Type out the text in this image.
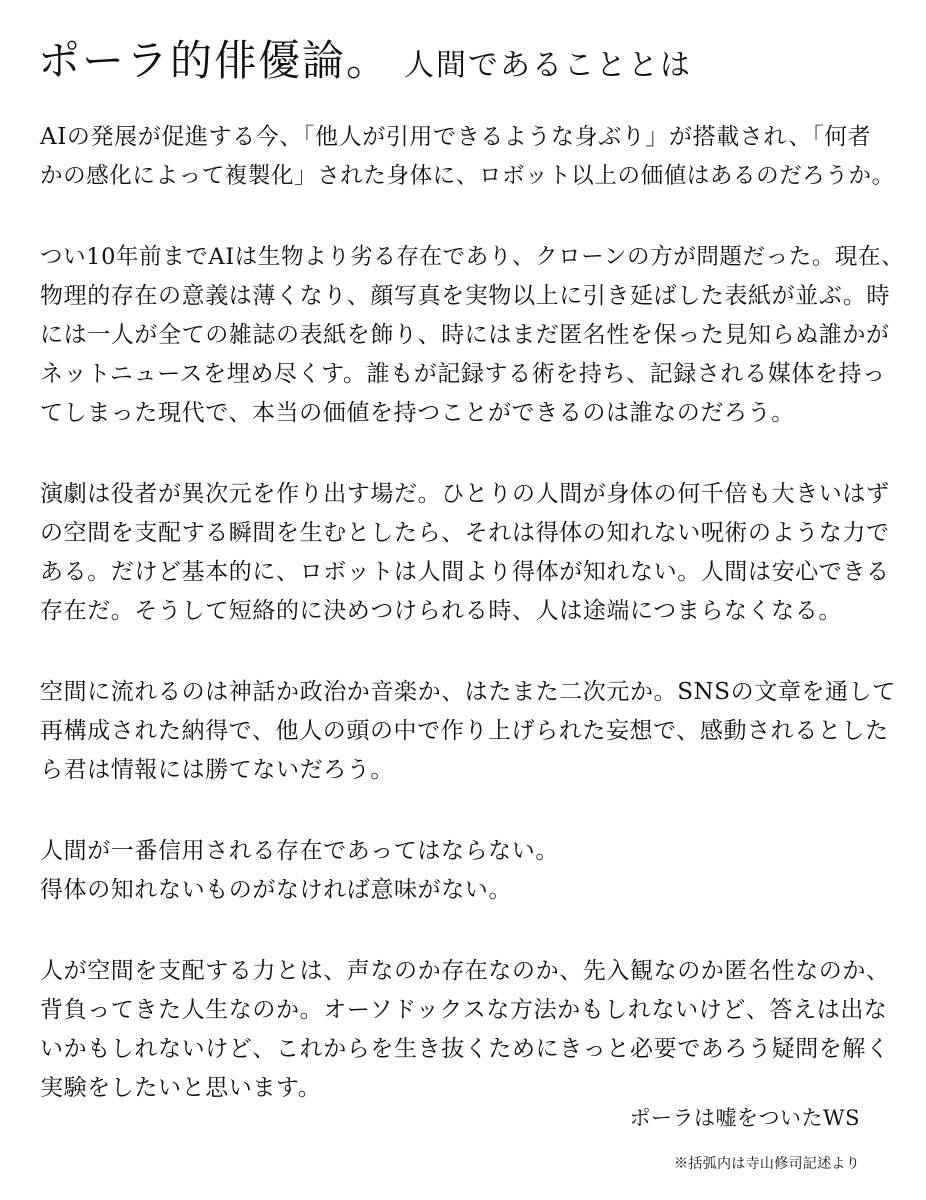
ポーラ的俳優論。 人間であることとは
AIの発展が促進する今、「他人が引用できるような身ぶり」が搭載され、「何者
かの感化によって複製化」された身体に、ロボット以上の価値はあるのだろうか。
つい10年前までAIは生物より劣る存在であり、クローンの方が問題だった。現在、
物理的存在の意義は薄くなり、顔写真を実物以上に引き延ばした表紙が並ぶ。時
には一人が全ての雑誌の表紙を飾り、時にはまだ匿名性を保った見知らぬ誰かが
ネットニュースを埋め尽くす。誰もが記録する術を持ち、記録される媒体を持っ
てしまった現代で、本当の価値を持つことができるのは誰なのだろう。
演劇は役者が異次元を作り出す場だ。ひとりの人間が身体の何千倍も大きいはず
の空間を支配する瞬間を生むとしたら、それは得体の知れない呪術のような力で
ある。だけど基本的に、ロボットは人間より得体が知れない。人間は安心できる
存在だ。そうして短絡的に決めつけられる時、人は途端につまらなくなる。
空間に流れるのは神話か政治か音楽か、はたまた二次元か。SNSの文章を通して
再構成された納得で、他人の頭の中で作り上げられた妄想で、感動されるとした
ら君は情報には勝てないだろう。
人間が一番信用される存在であってはならない。
得体の知れないものがなければ意味がない。
人が空間を支配する力とは、声なのか存在なのか、先入観なのか匿名性なのか、
背負ってきた人生なのか。オーソドックスな方法かもしれないけど、答えは出な
いかもしれないけど、これからを生き抜くためにきっと必要であろう疑問を解く
実験をしたいと思います。
ポーラは嘘をついたWS
※括弧内は寺山修司記述より
